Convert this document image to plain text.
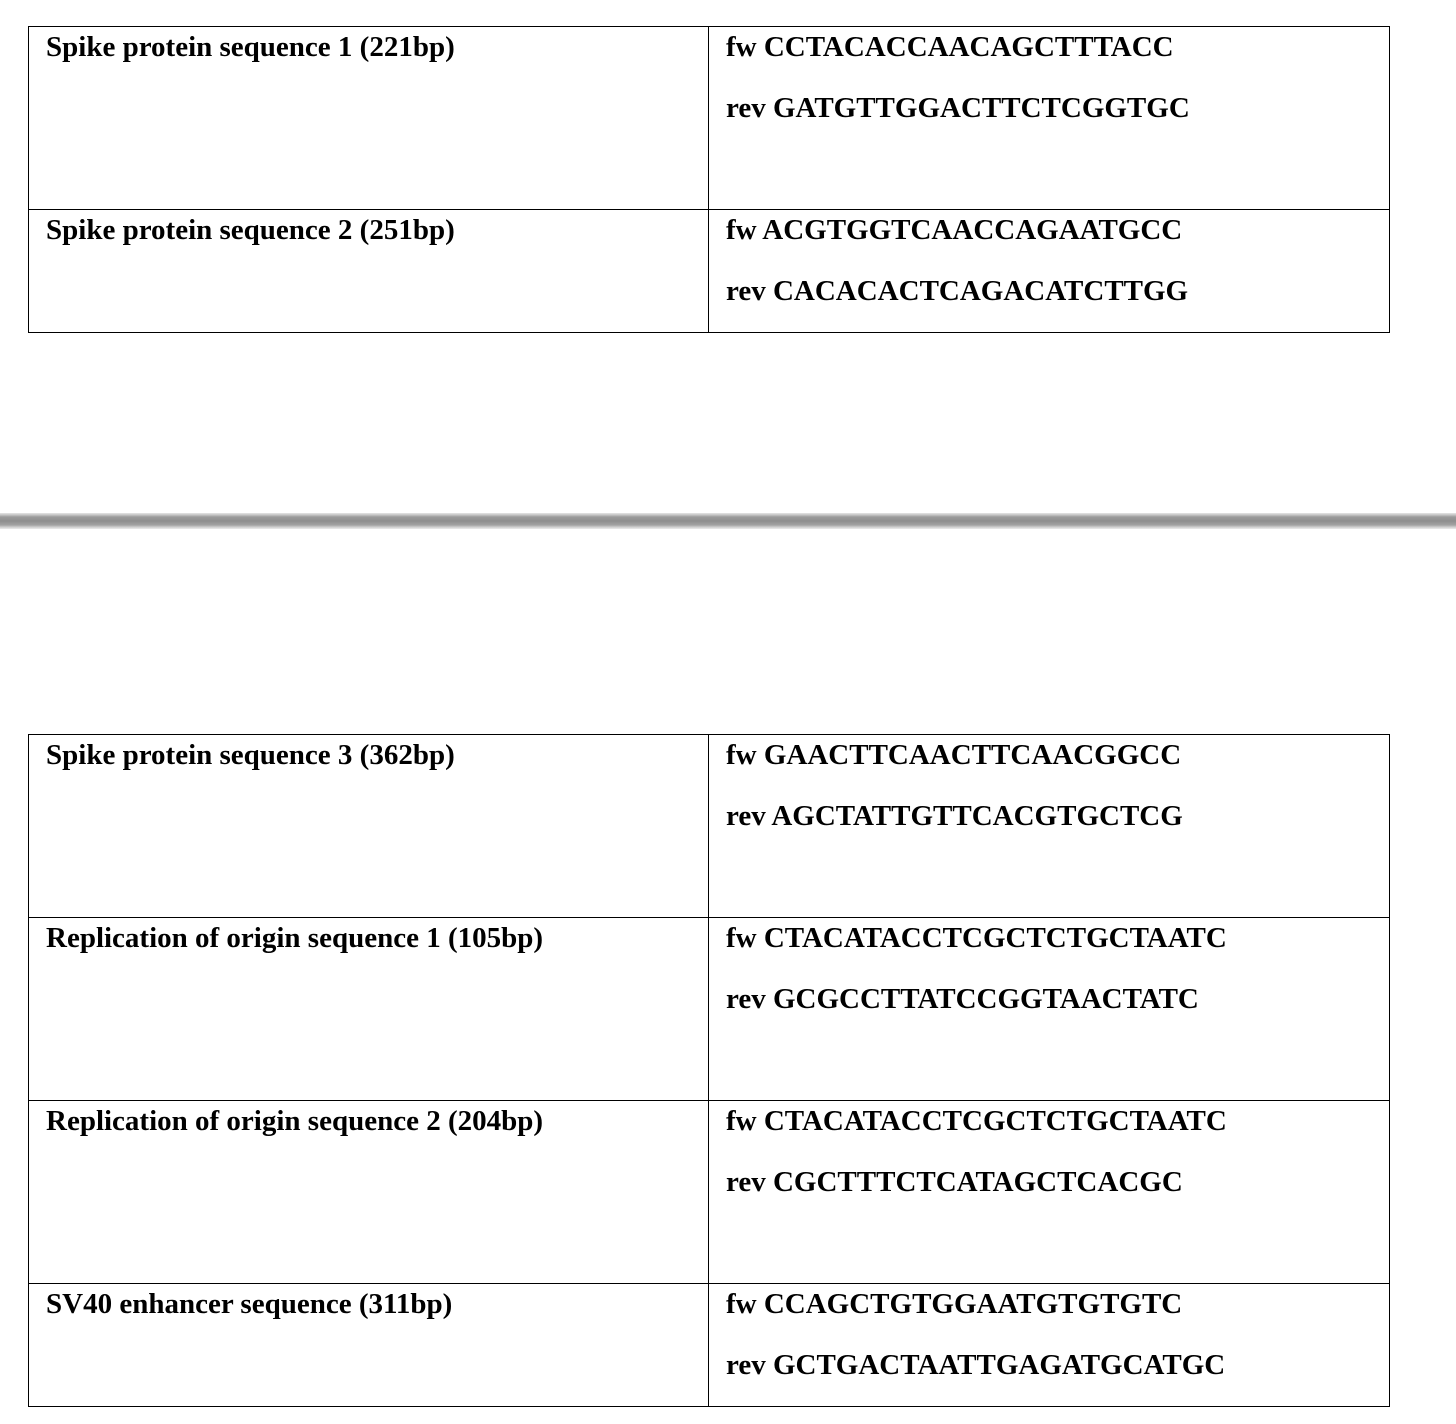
Spike protein sequence 1 (221bp)	fw CCTACACCAACAGCTTTACC
rev GATGTTGGACTTCTCGGTGC

Spike protein sequence 2 (251bp)	fw ACGTGGTCAACCAGAATGCC
rev CACACACTCAGACATCTTGG
Spike protein sequence 3 (362bp)	fw GAACTTCAACTTCAACGGCC
rev AGCTATTGTTCACGTGCTCG

Replication of origin sequence 1 (105bp)	fw CTACATACCTCGCTCTGCTAATC
rev GCGCCTTATCCGGTAACTATC

Replication of origin sequence 2 (204bp)	fw CTACATACCTCGCTCTGCTAATC
rev CGCTTTCTCATAGCTCACGC

SV40 enhancer sequence (311bp)	fw CCAGCTGTGGAATGTGTGTC
rev GCTGACTAATTGAGATGCATGC
